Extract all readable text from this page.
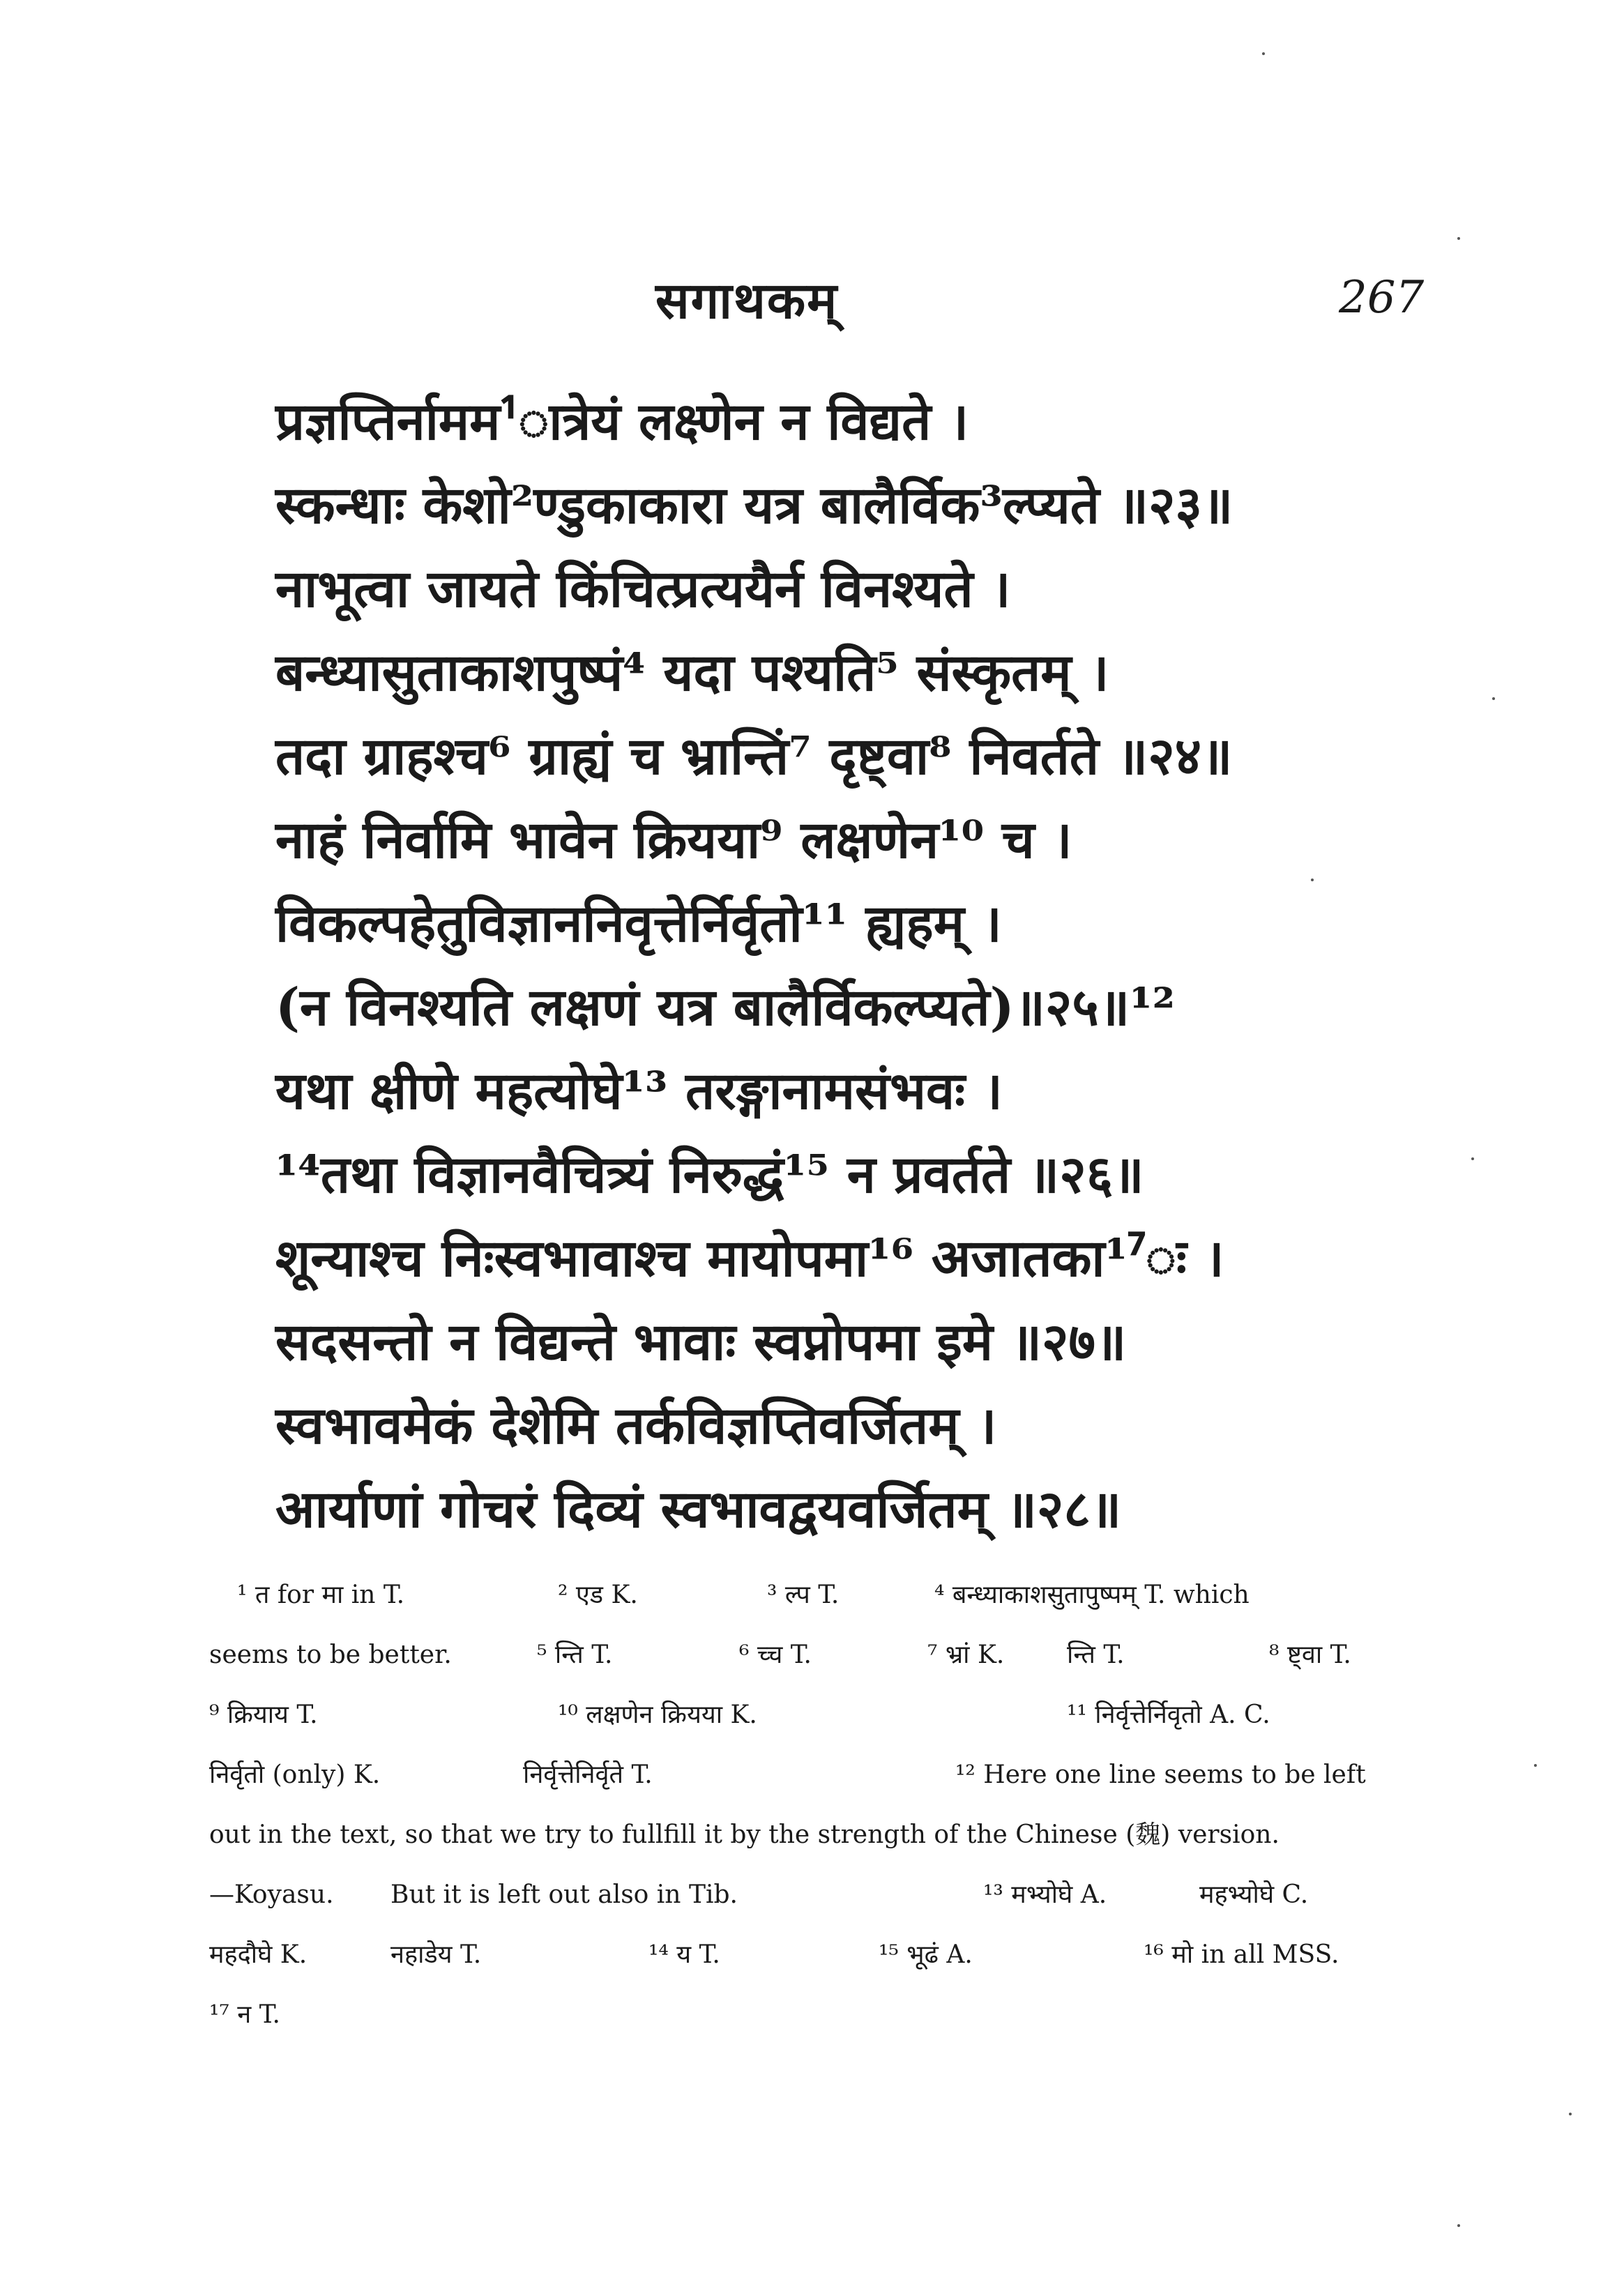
सगाथकम्	267
प्रज्ञप्तिर्नामम¹ात्रेयं लक्ष्णेन न विद्यते ।
स्कन्धाः केशो²ण्डुकाकारा यत्र बालैर्विक³ल्प्यते ॥२३॥
नाभूत्वा जायते किंचित्प्रत्ययैर्न विनश्यते ।
बन्ध्यासुताकाशपुष्पं⁴ यदा पश्यति⁵ संस्कृतम् ।
तदा ग्राहश्च⁶ ग्राह्यं च भ्रान्तिं⁷ दृष्ट्वा⁸ निवर्तते ॥२४॥
नाहं निर्वामि भावेन क्रियया⁹ लक्षणेन¹⁰ च ।
विकल्पहेतुविज्ञाननिवृत्तेर्निर्वृतो¹¹ ह्यहम् ।
(न विनश्यति लक्षणं यत्र बालैर्विकल्प्यते)॥२५॥¹²
यथा क्षीणे महत्योघे¹³ तरङ्गानामसंभवः ।
¹⁴तथा विज्ञानवैचित्र्यं निरुद्धं¹⁵ न प्रवर्तते ॥२६॥
शून्याश्च निःस्वभावाश्च मायोपमा¹⁶ अजातका¹⁷ः ।
सदसन्तो न विद्यन्ते भावाः स्वप्नोपमा इमे ॥२७॥
स्वभावमेकं देशेमि तर्कविज्ञप्तिवर्जितम् ।
आर्याणां गोचरं दिव्यं स्वभावद्वयवर्जितम् ॥२८॥
¹ त for मा in T.	² एड K.	³ ल्प T.	⁴ बन्ध्याकाशसुतापुष्पम् T. which
seems to be better.	⁵ न्ति T.	⁶ च्च T.	⁷ भ्रां K. न्ति T.	⁸ ष्ट्वा T.
⁹ क्रियाय T.	¹⁰ लक्षणेन क्रियया K.	¹¹ निर्वृत्तेर्निवृतो A. C.
निर्वृतो (only) K.	निर्वृत्तेनिर्वृते T.	¹² Here one line seems to be left
out in the text, so that we try to fullfill it by the strength of the Chinese (魏) version.
—Koyasu. But it is left out also in Tib.	¹³ मभ्योघे A.	महभ्योघे C.
महदौघे K.	नहाडेय T.	¹⁴ य T.	¹⁵ भूढं A.	¹⁶ मो in all MSS.
¹⁷ न T.
